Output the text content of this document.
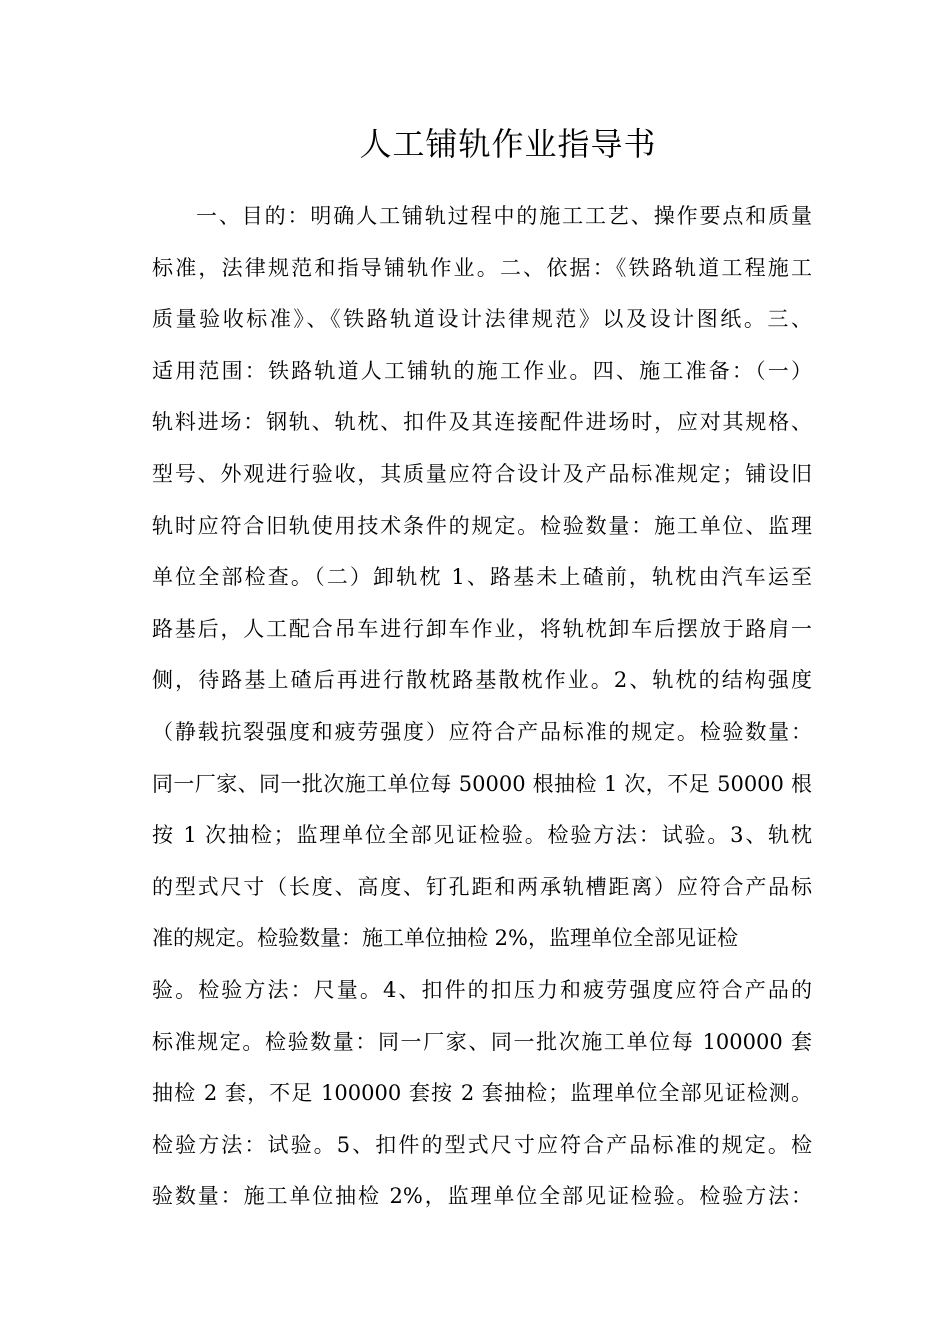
人工铺轨作业指导书
一、目的：明确人工铺轨过程中的施工工艺、操作要点和质量
标准，法律规范和指导铺轨作业。二、依据：《铁路轨道工程施工
质量验收标准》、《铁路轨道设计法律规范》以及设计图纸。三、
适用范围：铁路轨道人工铺轨的施工作业。四、施工准备：（一）
轨料进场：钢轨、轨枕、扣件及其连接配件进场时，应对其规格、
型号、外观进行验收，其质量应符合设计及产品标准规定；铺设旧
轨时应符合旧轨使用技术条件的规定。检验数量：施工单位、监理
单位全部检查。（二）卸轨枕 1、路基未上碴前，轨枕由汽车运至
路基后，人工配合吊车进行卸车作业，将轨枕卸车后摆放于路肩一
侧，待路基上碴后再进行散枕路基散枕作业。2、轨枕的结构强度
（静载抗裂强度和疲劳强度）应符合产品标准的规定。检验数量：
同一厂家、同一批次施工单位每 50000 根抽检 1 次，不足 50000 根
按 1 次抽检；监理单位全部见证检验。检验方法：试验。3、轨枕
的型式尺寸（长度、高度、钉孔距和两承轨槽距离）应符合产品标
准的规定。检验数量：施工单位抽检 2%，监理单位全部见证检
验。检验方法：尺量。4、扣件的扣压力和疲劳强度应符合产品的
标准规定。检验数量：同一厂家、同一批次施工单位每 100000 套
抽检 2 套，不足 100000 套按 2 套抽检；监理单位全部见证检测。
检验方法：试验。5、扣件的型式尺寸应符合产品标准的规定。检
验数量：施工单位抽检 2%，监理单位全部见证检验。检验方法：
